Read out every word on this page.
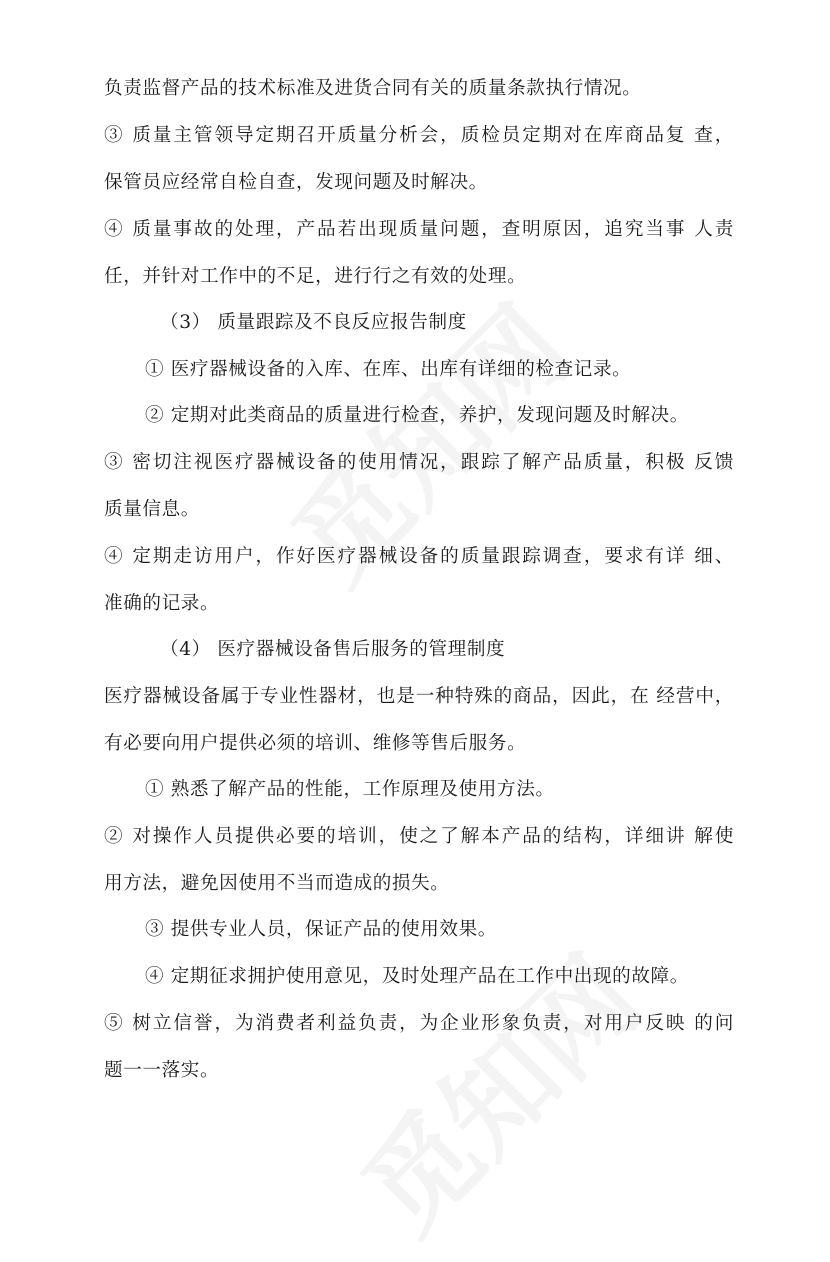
负责监督产品的技术标准及进货合同有关的质量条款执行情况。
③ 质量主管领导定期召开质量分析会，质检员定期对在库商品复 查，
保管员应经常自检自查，发现问题及时解决。
④ 质量事故的处理，产品若出现质量问题，查明原因，追究当事 人责
任，并针对工作中的不足，进行行之有效的处理。
（3） 质量跟踪及不良反应报告制度
① 医疗器械设备的入库、在库、出库有详细的检查记录。
② 定期对此类商品的质量进行检查，养护，发现问题及时解决。
③ 密切注视医疗器械设备的使用情况，跟踪了解产品质量，积极 反馈
质量信息。
④ 定期走访用户，作好医疗器械设备的质量跟踪调查，要求有详 细、
准确的记录。
（4） 医疗器械设备售后服务的管理制度
医疗器械设备属于专业性器材，也是一种特殊的商品，因此，在 经营中，
有必要向用户提供必须的培训、维修等售后服务。
① 熟悉了解产品的性能，工作原理及使用方法。
② 对操作人员提供必要的培训，使之了解本产品的结构，详细讲 解使
用方法，避免因使用不当而造成的损失。
③ 提供专业人员，保证产品的使用效果。
④ 定期征求拥护使用意见，及时处理产品在工作中出现的故障。
⑤ 树立信誉，为消费者利益负责，为企业形象负责，对用户反映 的问
题一一落实。
